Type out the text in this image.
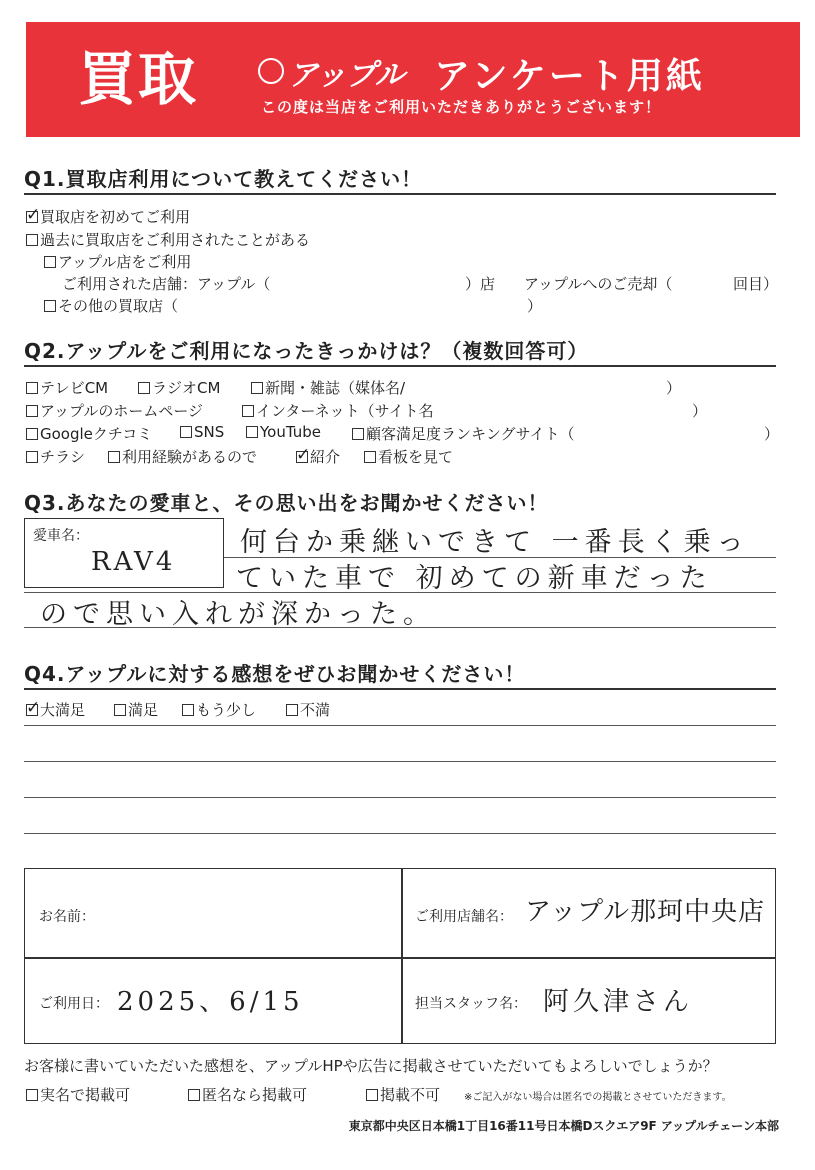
買取	アップル アンケート用紙
この度は当店をご利用いただきありがとうございます！
Q1.買取店利用について教えてください！
✓買取店を初めてご利用
過去に買取店をご利用されたことがある
アップル店をご利用
ご利用された店舗：アップル（	）店 アップルへのご売却（	回目）
その他の買取店（	）
Q2.アップルをご利用になったきっかけは？（複数回答可）
テレビCM	ラジオCM	新聞・雑誌（媒体名/	）
アップルのホームページ	インターネット（サイト名	）
Googleクチコミ	SNS	YouTube	顧客満足度ランキングサイト（	）
チラシ	利用経験があるので
✓	紹介	看板を見て
Q3.あなたの愛車と、その思い出をお聞かせください！
愛車名：
RAV4
何台か乗継いできて 一番長く乗っ
ていた車で 初めての新車だった
ので思い入れが深かった。
Q4.アップルに対する感想をぜひお聞かせください！
✓大満足	満足	もう少し	不満
お名前：	ご利用店舗名： アップル那珂中央店
ご利用日： 2025、6/15	担当スタッフ名： 阿久津さん
お客様に書いていただいた感想を、アップルHPや広告に掲載させていただいてもよろしいでしょうか？
実名で掲載可	匿名なら掲載可	掲載不可 ※ご記入がない場合は匿名での掲載とさせていただきます。
東京都中央区日本橋1丁目16番11号日本橋Dスクエア9F アップルチェーン本部
